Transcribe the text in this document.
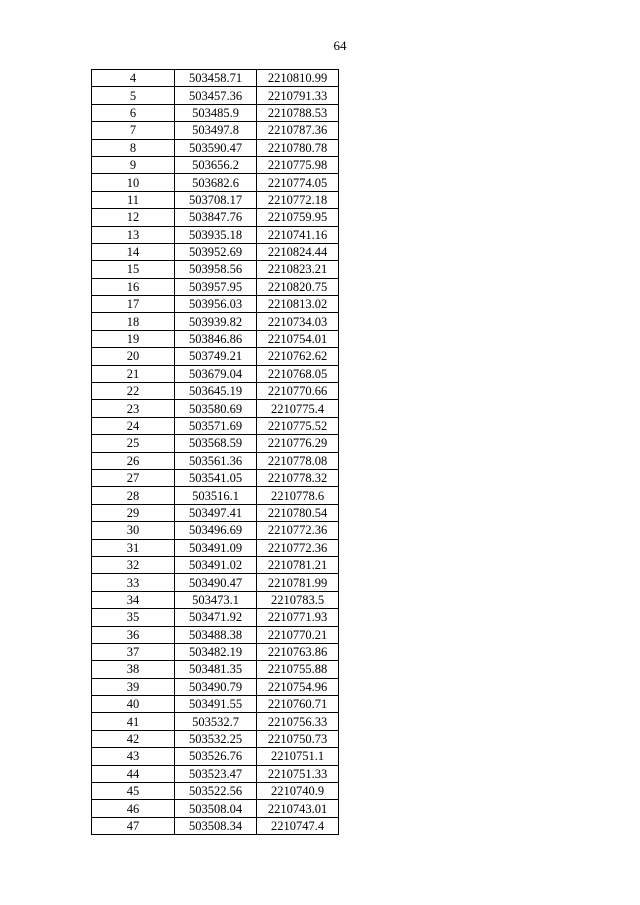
64
4	503458.71	2210810.99
5	503457.36	2210791.33
6	503485.9	2210788.53
7	503497.8	2210787.36
8	503590.47	2210780.78
9	503656.2	2210775.98
10	503682.6	2210774.05
11	503708.17	2210772.18
12	503847.76	2210759.95
13	503935.18	2210741.16
14	503952.69	2210824.44
15	503958.56	2210823.21
16	503957.95	2210820.75
17	503956.03	2210813.02
18	503939.82	2210734.03
19	503846.86	2210754.01
20	503749.21	2210762.62
21	503679.04	2210768.05
22	503645.19	2210770.66
23	503580.69	2210775.4
24	503571.69	2210775.52
25	503568.59	2210776.29
26	503561.36	2210778.08
27	503541.05	2210778.32
28	503516.1	2210778.6
29	503497.41	2210780.54
30	503496.69	2210772.36
31	503491.09	2210772.36
32	503491.02	2210781.21
33	503490.47	2210781.99
34	503473.1	2210783.5
35	503471.92	2210771.93
36	503488.38	2210770.21
37	503482.19	2210763.86
38	503481.35	2210755.88
39	503490.79	2210754.96
40	503491.55	2210760.71
41	503532.7	2210756.33
42	503532.25	2210750.73
43	503526.76	2210751.1
44	503523.47	2210751.33
45	503522.56	2210740.9
46	503508.04	2210743.01
47	503508.34	2210747.4
